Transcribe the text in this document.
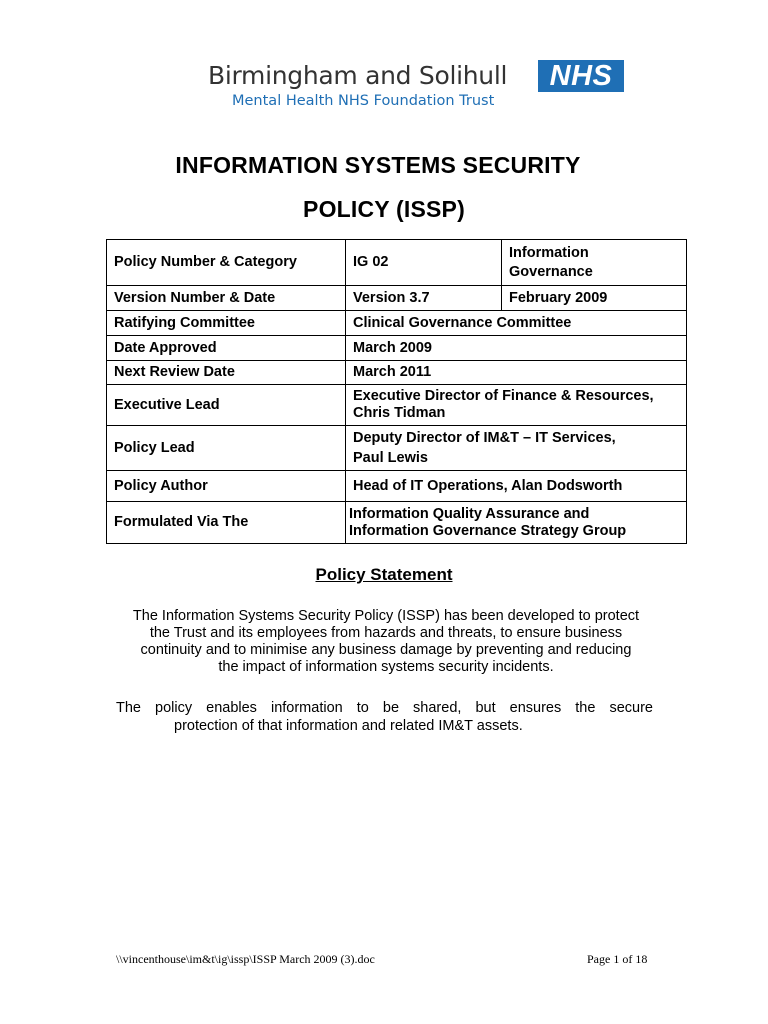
Birmingham and Solihull
Mental Health NHS Foundation Trust
NHS
INFORMATION SYSTEMS SECURITY
POLICY (ISSP)
Policy Number & Category	IG 02	Information
Governance

Version Number & Date	Version 3.7	February 2009
Ratifying Committee	Clinical Governance Committee	
Date Approved	March 2009	
Next Review Date	March 2011	
Executive Lead	Executive Director of Finance & Resources,
Chris Tidman	

Policy Lead	Deputy Director of IM&T – IT Services,
Paul Lewis	

Policy Author	Head of IT Operations, Alan Dodsworth	
Formulated Via The	Information Quality Assurance and
Information Governance Strategy Group	
Policy Statement
The Information Systems Security Policy (ISSP) has been developed to protect
the Trust and its employees from hazards and threats, to ensure business
continuity and to minimise any business damage by preventing and reducing
the impact of information systems security incidents.
The policy enables information to be shared, but ensures the secure
protection of that information and related IM&T assets.
\\vincenthouse\im&t\ig\issp\ISSP March 2009 (3).doc	Page 1 of 18
